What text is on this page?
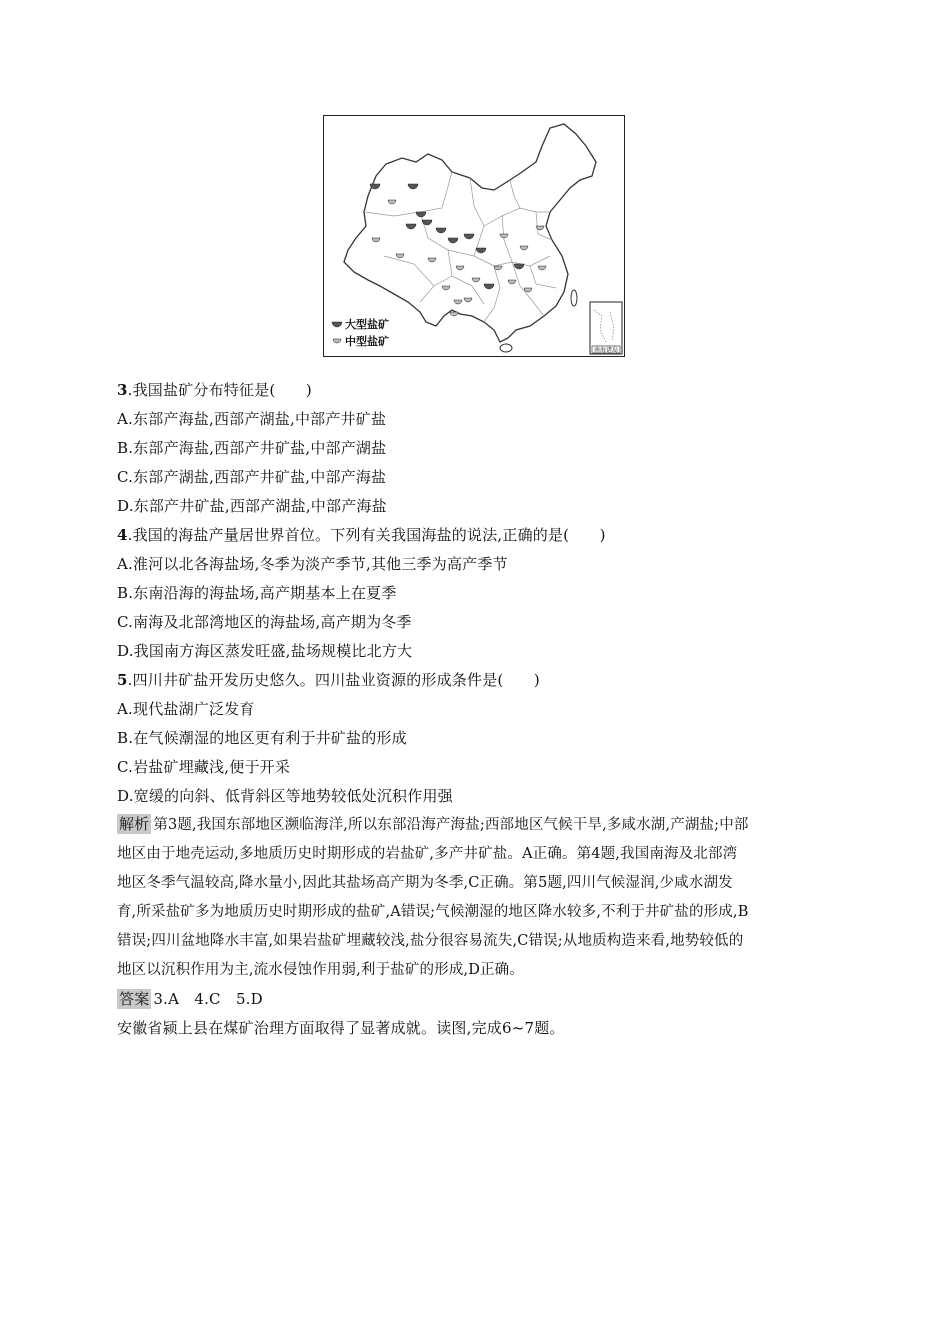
大型盐矿
中型盐矿
南海诸岛
3.我国盐矿分布特征是(　　)
A.东部产海盐,西部产湖盐,中部产井矿盐
B.东部产海盐,西部产井矿盐,中部产湖盐
C.东部产湖盐,西部产井矿盐,中部产海盐
D.东部产井矿盐,西部产湖盐,中部产海盐
4.我国的海盐产量居世界首位。下列有关我国海盐的说法,正确的是(　　)
A.淮河以北各海盐场,冬季为淡产季节,其他三季为高产季节
B.东南沿海的海盐场,高产期基本上在夏季
C.南海及北部湾地区的海盐场,高产期为冬季
D.我国南方海区蒸发旺盛,盐场规模比北方大
5.四川井矿盐开发历史悠久。四川盐业资源的形成条件是(　　)
A.现代盐湖广泛发育
B.在气候潮湿的地区更有利于井矿盐的形成
C.岩盐矿埋藏浅,便于开采
D.宽缓的向斜、低背斜区等地势较低处沉积作用强
解析 第3题,我国东部地区濒临海洋,所以东部沿海产海盐;西部地区气候干旱,多咸水湖,产湖盐;中部
地区由于地壳运动,多地质历史时期形成的岩盐矿,多产井矿盐。A正确。第4题,我国南海及北部湾
地区冬季气温较高,降水量小,因此其盐场高产期为冬季,C正确。第5题,四川气候湿润,少咸水湖发
育,所采盐矿多为地质历史时期形成的盐矿,A错误;气候潮湿的地区降水较多,不利于井矿盐的形成,B
错误;四川盆地降水丰富,如果岩盐矿埋藏较浅,盐分很容易流失,C错误;从地质构造来看,地势较低的
地区以沉积作用为主,流水侵蚀作用弱,利于盐矿的形成,D正确。
答案 3.A　4.C　5.D
安徽省颍上县在煤矿治理方面取得了显著成就。读图,完成6~7题。
